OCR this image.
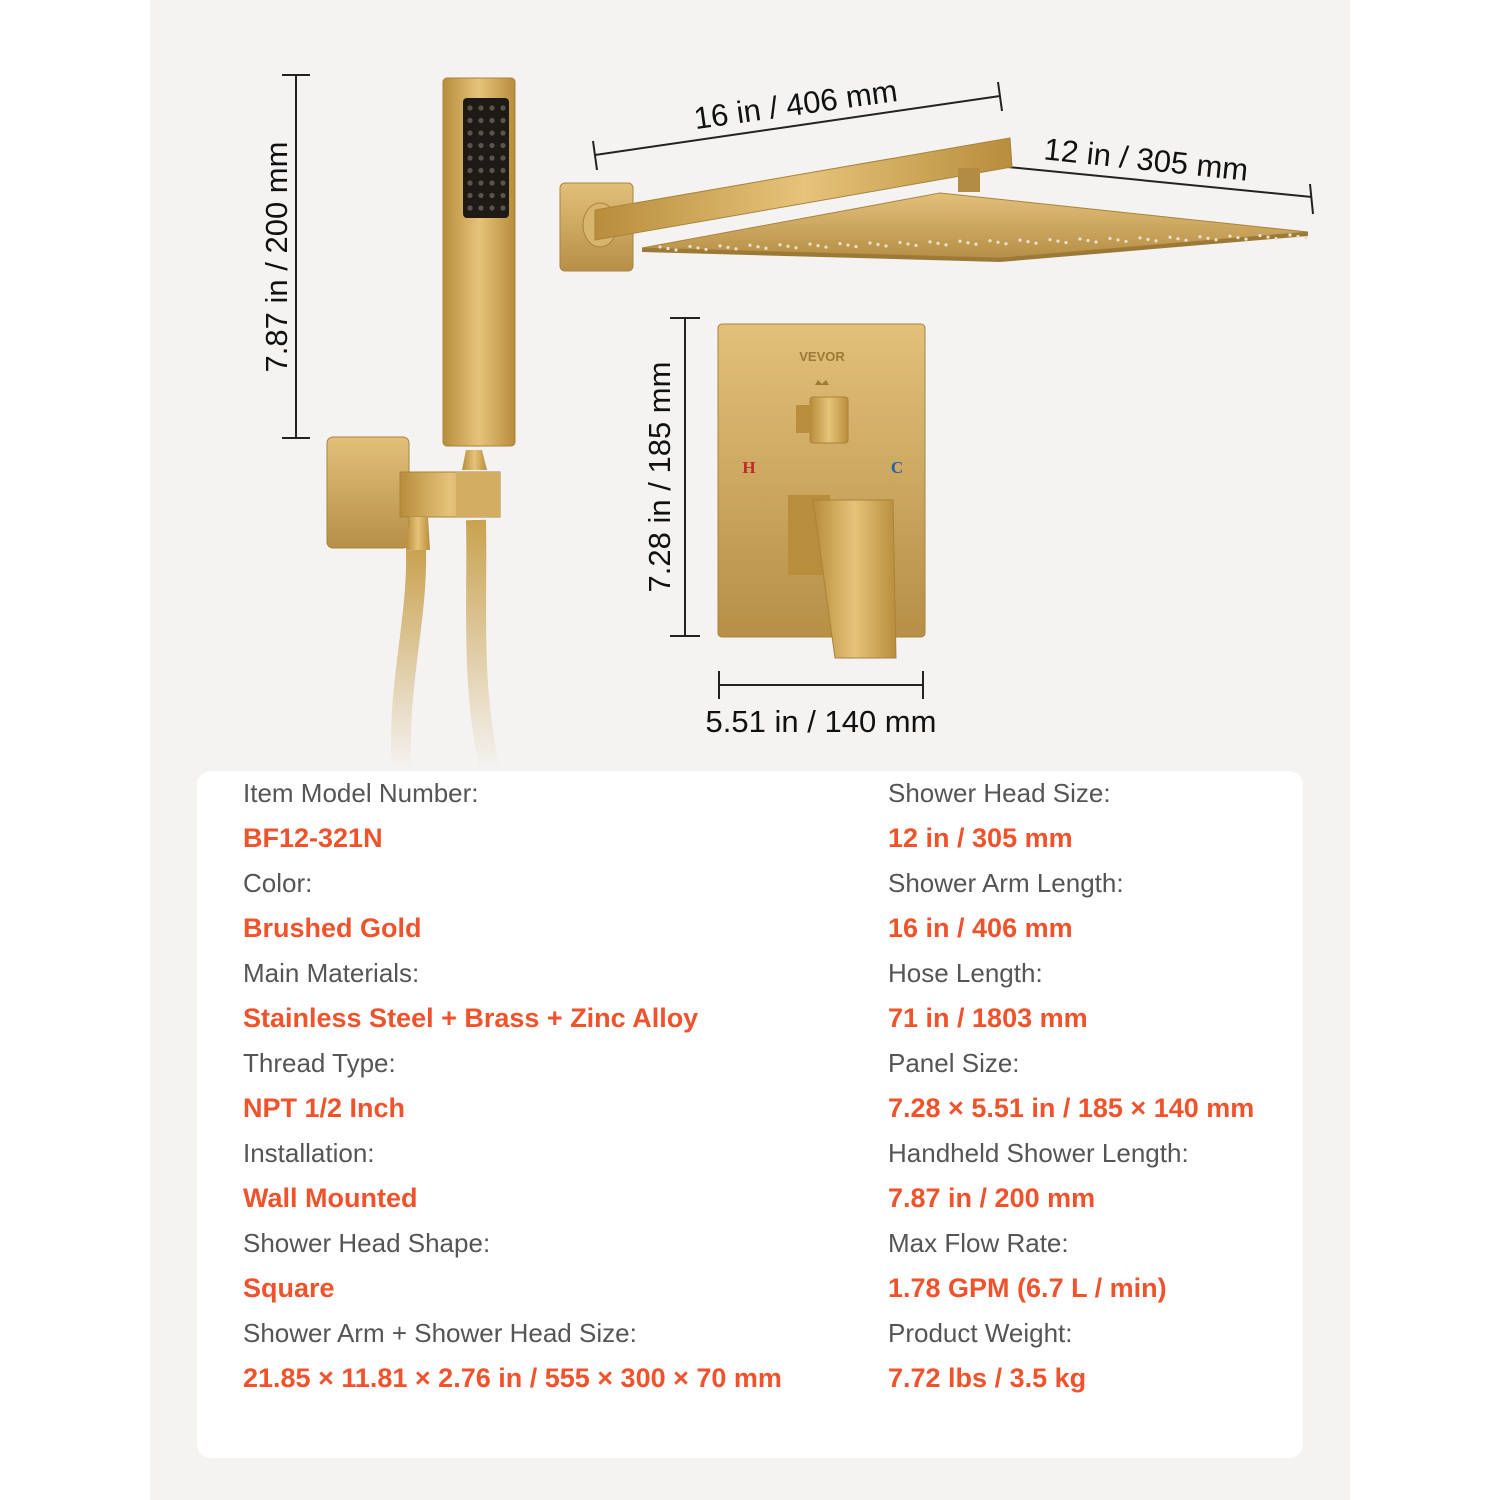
7.87 in / 200 mm
16 in / 406 mm
12 in / 305 mm
7.28 in / 185 mm
5.51 in / 140 mm
VEVOR
H	C
Item Model Number:
BF12-321N
Color:
Brushed Gold
Main Materials:
Stainless Steel + Brass + Zinc Alloy
Thread Type:
NPT 1/2 Inch
Installation:
Wall Mounted
Shower Head Shape:
Square
Shower Arm + Shower Head Size:
21.85 × 11.81 × 2.76 in / 555 × 300 × 70 mm
Shower Head Size:
12 in / 305 mm
Shower Arm Length:
16 in / 406 mm
Hose Length:
71 in / 1803 mm
Panel Size:
7.28 × 5.51 in / 185 × 140 mm
Handheld Shower Length:
7.87 in / 200 mm
Max Flow Rate:
1.78 GPM (6.7 L / min)
Product Weight:
7.72 lbs / 3.5 kg
